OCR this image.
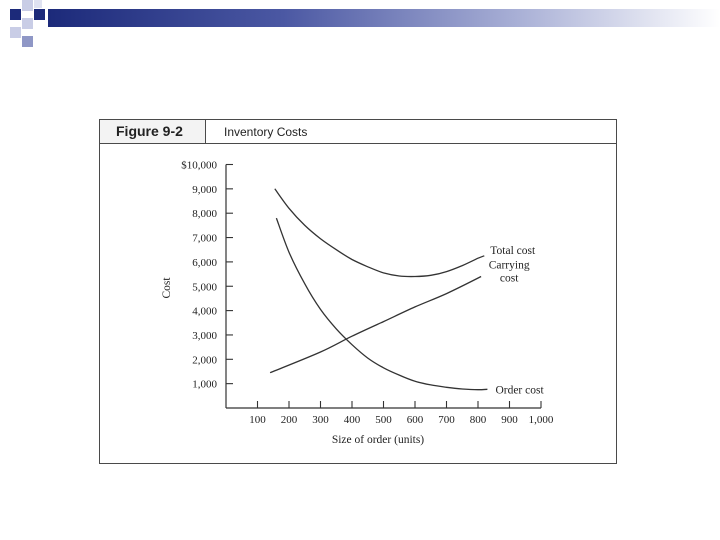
Figure 9-2	Inventory Costs
1,000
2,000
3,000
4,000
5,000
6,000
7,000
8,000
9,000
$10,000
100 200 300 400 500 600 700 800 900 1,000
Total cost
Carrying
cost
Order cost
Size of order (units)
Cost
